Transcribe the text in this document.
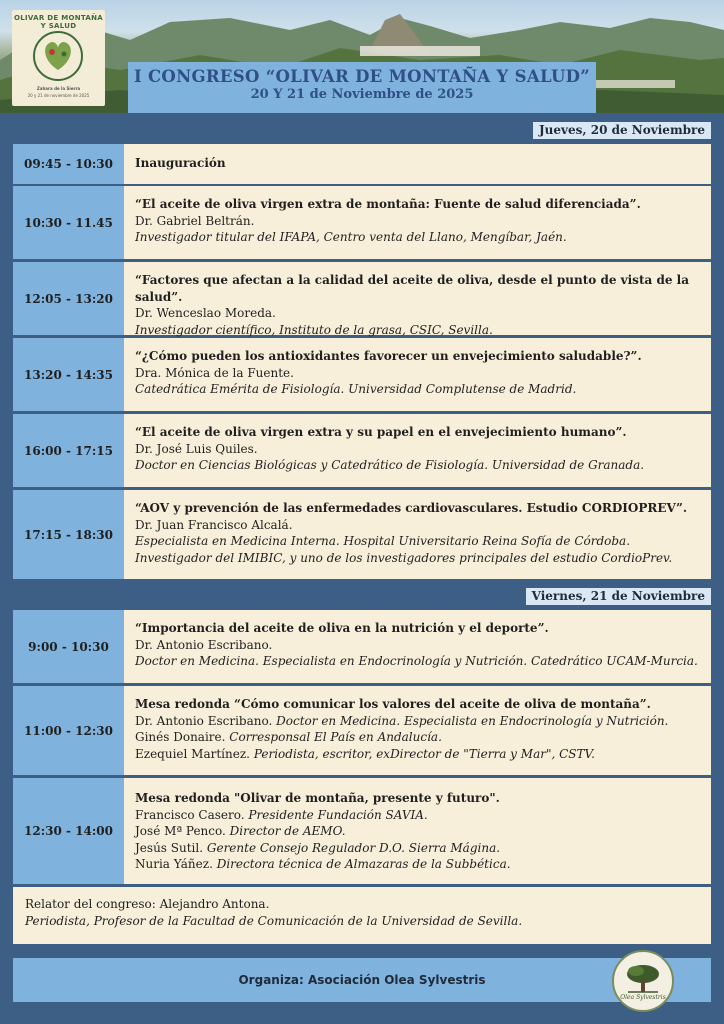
OLIVAR DE MONTAÑA Y SALUD
Zahara de la Sierra
20 y 21 de noviembre de 2025
I CONGRESO “OLIVAR DE MONTAÑA Y SALUD”
20 Y 21 de Noviembre de 2025
Jueves, 20 de Noviembre
09:45 - 10:30	Inauguración
10:30 - 11.45
“El aceite de oliva virgen extra de montaña: Fuente de salud diferenciada”.
Dr. Gabriel Beltrán.
Investigador titular del IFAPA, Centro venta del Llano, Mengíbar, Jaén.
12:05 - 13:20
“Factores que afectan a la calidad del aceite de oliva, desde el punto de vista de la salud”.
Dr. Wenceslao Moreda.
Investigador científico, Instituto de la grasa, CSIC, Sevilla.
13:20 - 14:35
“¿Cómo pueden los antioxidantes favorecer un envejecimiento saludable?”.
Dra. Mónica de la Fuente.
Catedrática Emérita de Fisiología. Universidad Complutense de Madrid.
16:00 - 17:15
“El aceite de oliva virgen extra y su papel en el envejecimiento humano”.
Dr. José Luis Quiles.
Doctor en Ciencias Biológicas y Catedrático de Fisiología. Universidad de Granada.
17:15 - 18:30
“AOV y prevención de las enfermedades cardiovasculares. Estudio CORDIOPREV”.
Dr. Juan Francisco Alcalá.
Especialista en Medicina Interna. Hospital Universitario Reina Sofía de Córdoba. Investigador del IMIBIC, y uno de los investigadores principales del estudio CordioPrev.
Viernes, 21 de Noviembre
9:00 - 10:30
“Importancia del aceite de oliva en la nutrición y el deporte”.
Dr. Antonio Escribano.
Doctor en Medicina. Especialista en Endocrinología y Nutrición. Catedrático UCAM-Murcia.
11:00 - 12:30
Mesa redonda “Cómo comunicar los valores del aceite de oliva de montaña”.
Dr. Antonio Escribano. Doctor en Medicina. Especialista en Endocrinología y Nutrición.
Ginés Donaire. Corresponsal El País en Andalucía.
Ezequiel Martínez. Periodista, escritor, exDirector de "Tierra y Mar", CSTV.
12:30 - 14:00
Mesa redonda "Olivar de montaña, presente y futuro".
Francisco Casero. Presidente Fundación SAVIA.
José Mª Penco. Director de AEMO.
Jesús Sutil. Gerente Consejo Regulador D.O. Sierra Mágina.
Nuria Yáñez. Directora técnica de Almazaras de la Subbética.
Relator del congreso: Alejandro Antona.
Periodista, Profesor de la Facultad de Comunicación de la Universidad de Sevilla.
Organiza: Asociación Olea Sylvestris
Olea Sylvestris
